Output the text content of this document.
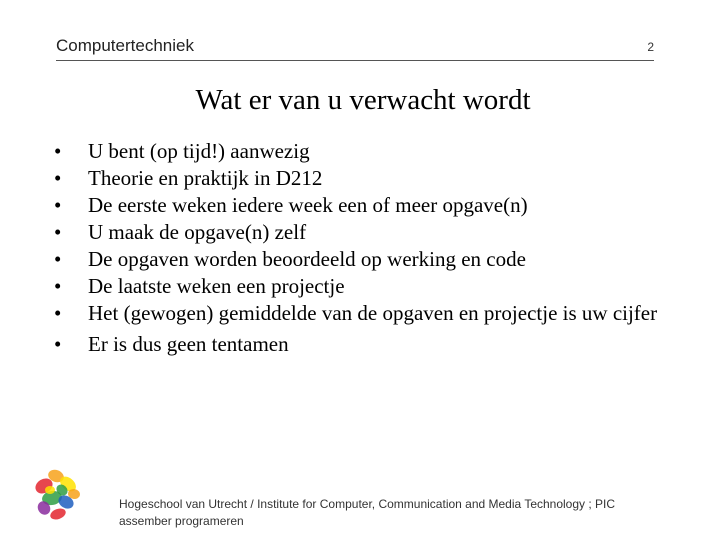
Computertechniek	2
Wat er van u verwacht wordt
•	U bent (op tijd!) aanwezig
•	Theorie en praktijk in D212
•	De eerste weken iedere week een of meer opgave(n)
•	U maak de opgave(n) zelf
•	De opgaven worden beoordeeld op werking en code
•	De laatste weken een projectje
•	Het (gewogen) gemiddelde van de opgaven en projectje is uw cijfer
•	Er is dus geen tentamen
Hogeschool van Utrecht / Institute for Computer, Communication and Media Technology ; PIC assember programeren
